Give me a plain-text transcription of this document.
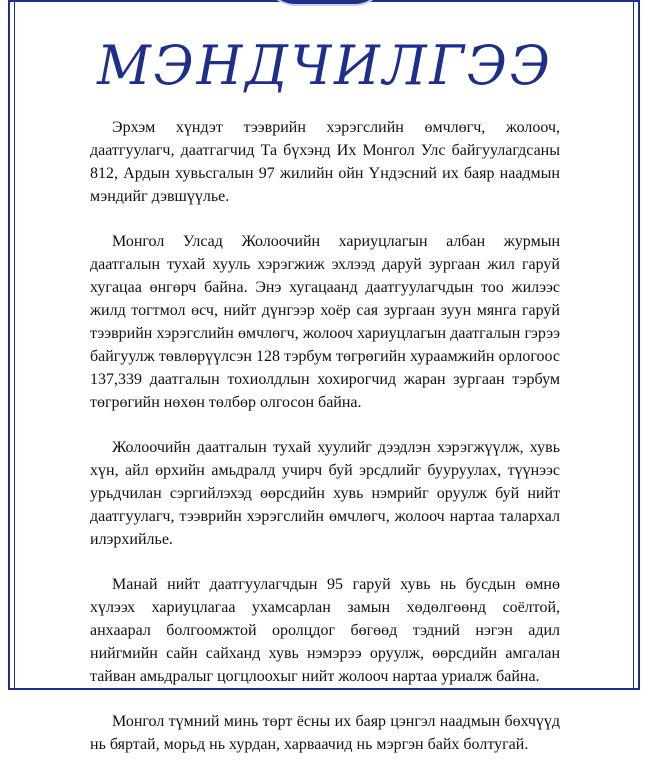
МЭНДЧИЛГЭЭ

Эрхэм хүндэт тээврийн хэрэгслийн өмчлөгч, жолооч, даатгуулагч, даатгагчид Та бүхэнд Их Монгол Улс байгуулагдсаны 812, Ардын хувьсгалын 97 жилийн ойн Үндэсний их баяр наадмын мэндийг дэвшүүлье.

Монгол Улсад Жолоочийн хариуцлагын албан журмын даатгалын тухай хууль хэрэгжиж эхлээд даруй зургаан жил гаруй хугацаа өнгөрч байна. Энэ хугацаанд даатгуулагчдын тоо жилээс жилд тогтмол өсч, нийт дүнгээр хоёр сая зургаан зуун мянга гаруй тээврийн хэрэгслийн өмчлөгч, жолооч хариуцлагын даатгалын гэрээ байгуулж төвлөрүүлсэн 128 тэрбум төгрөгийн хураамжийн орлогоос 137,339 даатгалын тохиолдлын хохирогчид жаран зургаан тэрбум төгрөгийн нөхөн төлбөр олгосон байна.

Жолоочийн даатгалын тухай хуулийг дээдлэн хэрэгжүүлж, хувь хүн, айл өрхийн амьдралд учирч буй эрсдлийг бууруулах, түүнээс урьдчилан сэргийлэхэд өөрсдийн хувь нэмрийг оруулж буй нийт даатгуулагч, тээврийн хэрэгслийн өмчлөгч, жолооч нартаа талархал илэрхийлье.

Манай нийт даатгуулагчдын 95 гаруй хувь нь бусдын өмнө хүлээх хариуцлагаа ухамсарлан замын хөдөлгөөнд соёлтой, анхаарал болгоомжтой оролцдог бөгөөд тэдний нэгэн адил нийгмийн сайн сайханд хувь нэмэрээ оруулж, өөрсдийн амгалан тайван амьдралыг цогцлоохыг нийт жолооч нартаа уриалж байна.

Монгол түмний минь төрт ёсны их баяр цэнгэл наадмын бөхчүүд нь бяртай, морьд нь хурдан, харваачид нь мэргэн байх болтугай.
